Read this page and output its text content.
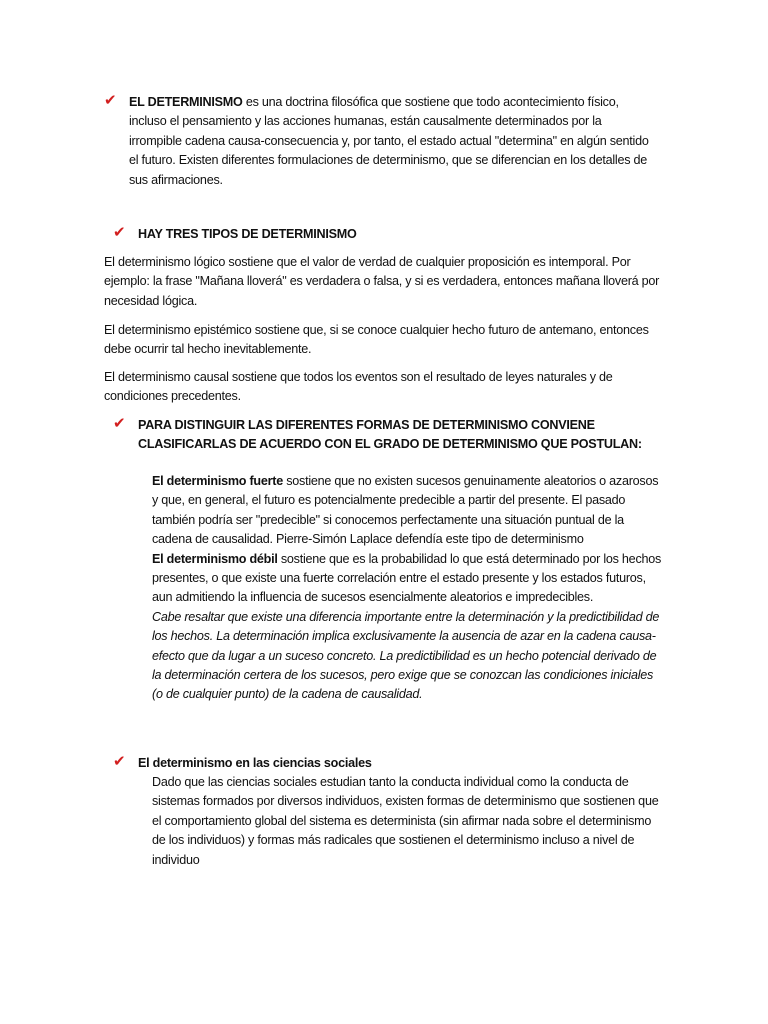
✔ EL DETERMINISMO es una doctrina filosófica que sostiene que todo acontecimiento físico, incluso el pensamiento y las acciones humanas, están causalmente determinados por la irrompible cadena causa-consecuencia y, por tanto, el estado actual "determina" en algún sentido el futuro. Existen diferentes formulaciones de determinismo, que se diferencian en los detalles de sus afirmaciones.
✔ HAY TRES TIPOS DE DETERMINISMO

El determinismo lógico sostiene que el valor de verdad de cualquier proposición es intemporal. Por ejemplo: la frase "Mañana lloverá" es verdadera o falsa, y si es verdadera, entonces mañana lloverá por necesidad lógica.

El determinismo epistémico sostiene que, si se conoce cualquier hecho futuro de antemano, entonces debe ocurrir tal hecho inevitablemente.

El determinismo causal sostiene que todos los eventos son el resultado de leyes naturales y de condiciones precedentes.

✔ PARA DISTINGUIR LAS DIFERENTES FORMAS DE DETERMINISMO CONVIENE CLASIFICARLAS DE ACUERDO CON EL GRADO DE DETERMINISMO QUE POSTULAN:

El determinismo fuerte sostiene que no existen sucesos genuinamente aleatorios o azarosos y que, en general, el futuro es potencialmente predecible a partir del presente. El pasado también podría ser "predecible" si conocemos perfectamente una situación puntual de la cadena de causalidad. Pierre-Simón Laplace defendía este tipo de determinismo

El determinismo débil sostiene que es la probabilidad lo que está determinado por los hechos presentes, o que existe una fuerte correlación entre el estado presente y los estados futuros, aun admitiendo la influencia de sucesos esencialmente aleatorios e impredecibles.

Cabe resaltar que existe una diferencia importante entre la determinación y la predictibilidad de los hechos. La determinación implica exclusivamente la ausencia de azar en la cadena causa-efecto que da lugar a un suceso concreto. La predictibilidad es un hecho potencial derivado de la determinación certera de los sucesos, pero exige que se conozcan las condiciones iniciales (o de cualquier punto) de la cadena de causalidad.

✔ El determinismo en las ciencias sociales

Dado que las ciencias sociales estudian tanto la conducta individual como la conducta de sistemas formados por diversos individuos, existen formas de determinismo que sostienen que el comportamiento global del sistema es determinista (sin afirmar nada sobre el determinismo de los individuos) y formas más radicales que sostienen el determinismo incluso a nivel de individuo
